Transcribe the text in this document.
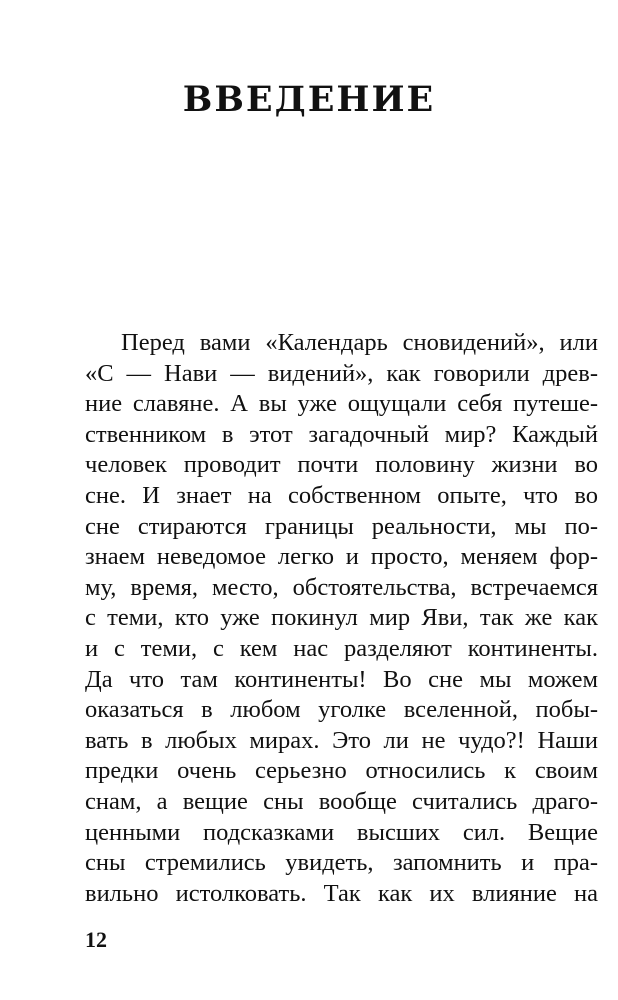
ВВЕДЕНИЕ
Перед вами «Календарь сновидений», или
«С — Нави — видений», как говорили древ-
ние славяне. А вы уже ощущали себя путеше-
ственником в этот загадочный мир? Каждый
человек проводит почти половину жизни во
сне. И знает на собственном опыте, что во
сне стираются границы реальности, мы по-
знаем неведомое легко и просто, меняем фор-
му, время, место, обстоятельства, встречаемся
с теми, кто уже покинул мир Яви, так же как
и с теми, с кем нас разделяют континенты.
Да что там континенты! Во сне мы можем
оказаться в любом уголке вселенной, побы-
вать в любых мирах. Это ли не чудо?! Наши
предки очень серьезно относились к своим
снам, а вещие сны вообще считались драго-
ценными подсказками высших сил. Вещие
сны стремились увидеть, запомнить и пра-
вильно истолковать. Так как их влияние на
12
